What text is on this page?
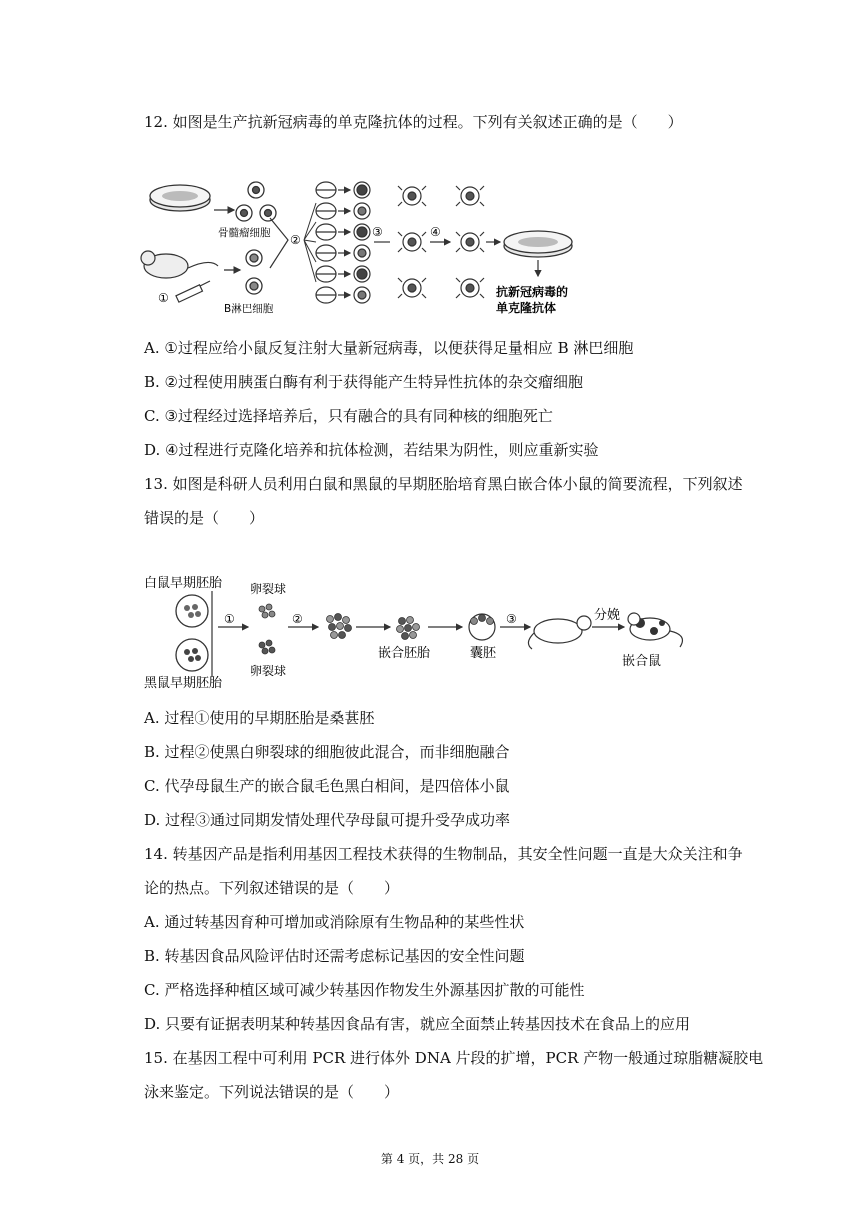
12. 如图是生产抗新冠病毒的单克隆抗体的过程。下列有关叙述正确的是（　　）
骨髓瘤细胞
①
B淋巴细胞
②
③	④
抗新冠病毒的
单克隆抗体
A. ①过程应给小鼠反复注射大量新冠病毒，以便获得足量相应 B 淋巴细胞
B. ②过程使用胰蛋白酶有利于获得能产生特异性抗体的杂交瘤细胞
C. ③过程经过选择培养后，只有融合的具有同种核的细胞死亡
D. ④过程进行克隆化培养和抗体检测，若结果为阴性，则应重新实验
13. 如图是科研人员利用白鼠和黑鼠的早期胚胎培育黑白嵌合体小鼠的简要流程，下列叙述
错误的是（　　）
白鼠早期胚胎
黑鼠早期胚胎
①
卵裂球
卵裂球
②
嵌合胚胎	囊胚
③	分娩
嵌合鼠
A. 过程①使用的早期胚胎是桑葚胚
B. 过程②使黑白卵裂球的细胞彼此混合，而非细胞融合
C. 代孕母鼠生产的嵌合鼠毛色黑白相间，是四倍体小鼠
D. 过程③通过同期发情处理代孕母鼠可提升受孕成功率
14. 转基因产品是指利用基因工程技术获得的生物制品，其安全性问题一直是大众关注和争
论的热点。下列叙述错误的是（　　）
A. 通过转基因育种可增加或消除原有生物品种的某些性状
B. 转基因食品风险评估时还需考虑标记基因的安全性问题
C. 严格选择种植区域可减少转基因作物发生外源基因扩散的可能性
D. 只要有证据表明某种转基因食品有害，就应全面禁止转基因技术在食品上的应用
15. 在基因工程中可利用 PCR 进行体外 DNA 片段的扩增，PCR 产物一般通过琼脂糖凝胶电
泳来鉴定。下列说法错误的是（　　）
第 4 页，共 28 页
